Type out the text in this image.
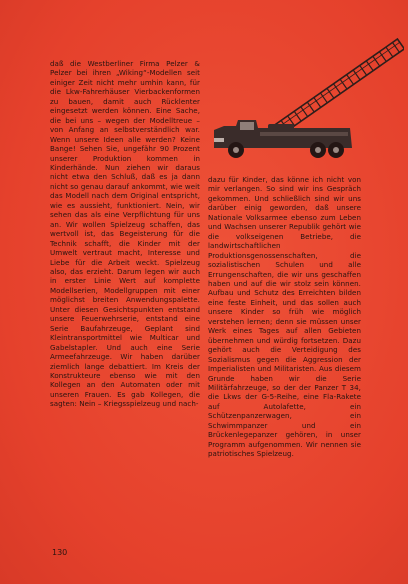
daß die Westberliner Firma Pelzer & Pelzer bei ihren „Wiking“-Modellen seit einiger Zeit nicht mehr umhin kann, für die Lkw-Fahrerhäuser Vierbackenformen zu bauen, damit auch Rücklenter eingesetzt werden können. Eine Sache, die bei uns – wegen der Modelltreue – von Anfang an selbstverständlich war. Wenn unsere Ideen alle werden? Keine Bange! Sehen Sie, ungefähr 90 Prozent unserer Produktion kommen in Kinderhände. Nun ziehen wir daraus nicht etwa den Schluß, daß es ja dann nicht so genau darauf ankommt, wie weit das Modell nach dem Original entspricht, wie es aussieht, funktioniert. Nein, wir sehen das als eine Verpflichtung für uns an. Wir wollen Spielzeug schaffen, das wertvoll ist, das Begeisterung für die Technik schafft, die Kinder mit der Umwelt vertraut macht, Interesse und Liebe für die Arbeit weckt. Spielzeug also, das erzieht. Darum legen wir auch in erster Linie Wert auf komplette Modellserien, Modellgruppen mit einer möglichst breiten Anwendungspalette. Unter diesen Gesichtspunkten entstand unsere Feuerwehrserie, entstand eine Serie Baufahrzeuge, Geplant sind Kleintransportmittel wie Multicar und Gabelstapler. Und auch eine Serie Armeefahrzeuge. Wir haben darüber ziemlich lange debattiert. Im Kreis der Konstrukteure ebenso wie mit den Kollegen an den Automaten oder mit unseren Frauen. Es gab Kollegen, die sagten: Nein – Kriegsspielzeug und nach-

dazu für Kinder, das könne ich nicht von mir verlangen. So sind wir ins Gespräch gekommen. Und schließlich sind wir uns darüber einig geworden, daß unsere Nationale Volksarmee ebenso zum Leben und Wachsen unserer Republik gehört wie die volkseigenen Betriebe, die landwirtschaftlichen Produktionsgenossenschaften, die sozialistischen Schulen und alle Errungenschaften, die wir uns geschaffen haben und auf die wir stolz sein können. Aufbau und Schutz des Erreichten bilden eine feste Einheit, und das sollen auch unsere Kinder so früh wie möglich verstehen lernen; denn sie müssen unser Werk eines Tages auf allen Gebieten übernehmen und würdig fortsetzen. Dazu gehört auch die Verteidigung des Sozialismus gegen die Aggression der Imperialisten und Militaristen. Aus diesem Grunde haben wir die Serie Militärfahrzeuge, so der der Panzer T 34, die Lkws der G-5-Reihe, eine Fla-Rakete auf Autolafette, ein Schützenpanzerwagen, ein Schwimmpanzer und ein Brückenlegepanzer gehören, in unser Programm aufgenommen. Wir nennen sie patriotisches Spielzeug.

130
